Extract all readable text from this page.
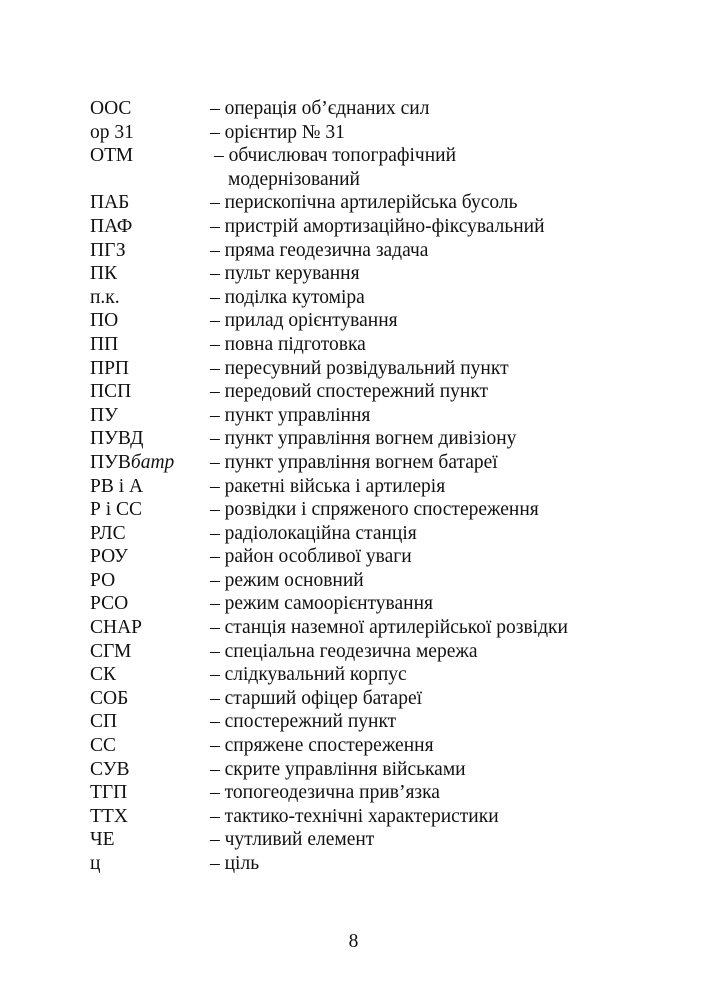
ООС	– операція об’єднаних сил
ор 31	– орієнтир № 31
ОТМ	– обчислювач топографічний
модернізований
ПАБ	– перископічна артилерійська бусоль
ПАФ	– пристрій амортизаційно-фіксувальний
ПГЗ	– пряма геодезична задача
ПК	– пульт керування
п.к.	– поділка кутоміра
ПО	– прилад орієнтування
ПП	– повна підготовка
ПРП	– пересувний розвідувальний пункт
ПСП	– передовий спостережний пункт
ПУ	– пункт управління
ПУВД	– пункт управління вогнем дивізіону
ПУВбатр	– пункт управління вогнем батареї
РВ і А	– ракетні війська і артилерія
Р і СС	– розвідки і спряженого спостереження
РЛС	– радіолокаційна станція
РОУ	– район особливої уваги
РО	– режим основний
РСО	– режим самоорієнтування
СНАР	– станція наземної артилерійської розвідки
СГМ	– спеціальна геодезична мережа
СК	– слідкувальний корпус
СОБ	– старший офіцер батареї
СП	– спостережний пункт
СС	– спряжене спостереження
СУВ	– скрите управління військами
ТГП	– топогеодезична прив’язка
ТТХ	– тактико-технічні характеристики
ЧЕ	– чутливий елемент
ц	– ціль
8
